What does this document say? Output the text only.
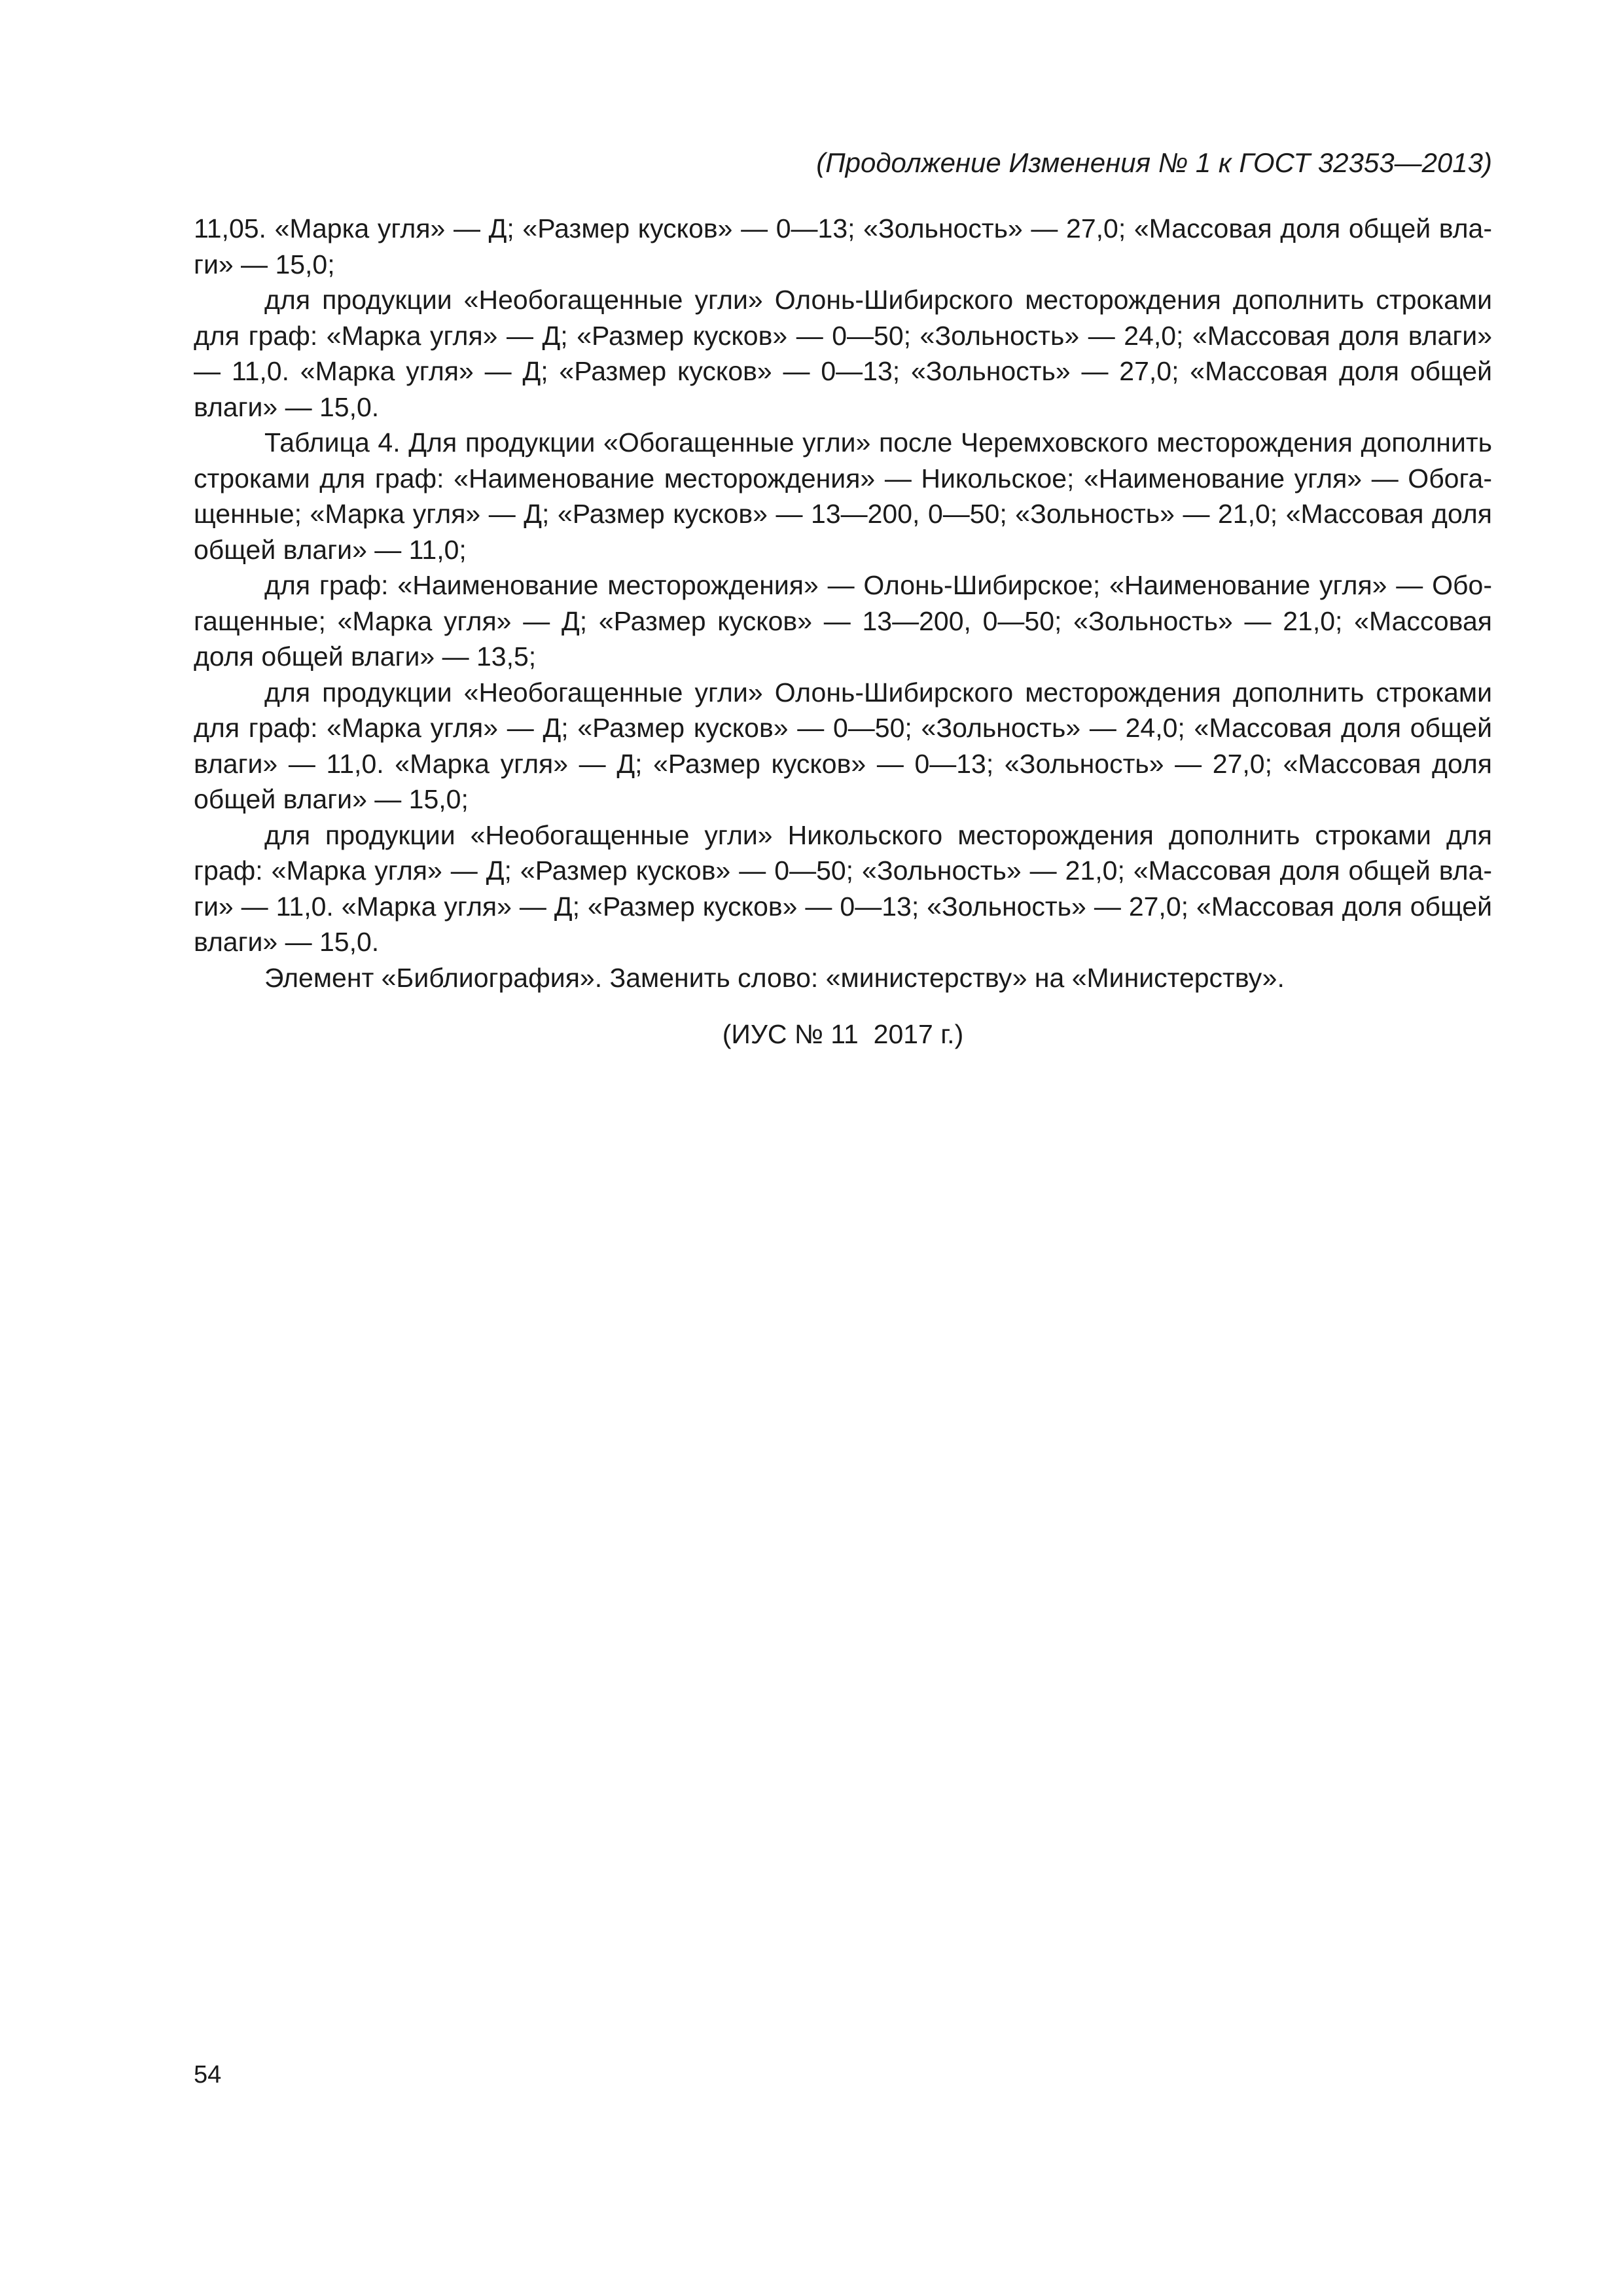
(Продолжение Изменения № 1 к ГОСТ 32353—2013)

11,05. «Марка угля» — Д; «Размер кусков» — 0—13; «Зольность» — 27,0; «Массовая доля общей влаги» — 15,0;

для продукции «Необогащенные угли» Олонь-Шибирского месторождения дополнить строками для граф: «Марка угля» — Д; «Размер кусков» — 0—50; «Зольность» — 24,0; «Массовая доля влаги» — 11,0. «Марка угля» — Д; «Размер кусков» — 0—13; «Зольность» — 27,0; «Массовая доля общей влаги» — 15,0.

Таблица 4. Для продукции «Обогащенные угли» после Черемховского месторождения дополнить строками для граф: «Наименование месторождения» — Никольское; «Наименование угля» — Обогащенные; «Марка угля» — Д; «Размер кусков» — 13—200, 0—50; «Зольность» — 21,0; «Массовая доля общей влаги» — 11,0;

для граф: «Наименование месторождения» — Олонь-Шибирское; «Наименование угля» — Обогащенные; «Марка угля» — Д; «Размер кусков» — 13—200, 0—50; «Зольность» — 21,0; «Массовая доля общей влаги» — 13,5;

для продукции «Необогащенные угли» Олонь-Шибирского месторождения дополнить строками для граф: «Марка угля» — Д; «Размер кусков» — 0—50; «Зольность» — 24,0; «Массовая доля общей влаги» — 11,0. «Марка угля» — Д; «Размер кусков» — 0—13; «Зольность» — 27,0; «Массовая доля общей влаги» — 15,0;

для продукции «Необогащенные угли» Никольского месторождения дополнить строками для граф: «Марка угля» — Д; «Размер кусков» — 0—50; «Зольность» — 21,0; «Массовая доля общей влаги» — 11,0. «Марка угля» — Д; «Размер кусков» — 0—13; «Зольность» — 27,0; «Массовая доля общей влаги» — 15,0.

Элемент «Библиография». Заменить слово: «министерству» на «Министерству».

(ИУС № 11  2017 г.)

54
